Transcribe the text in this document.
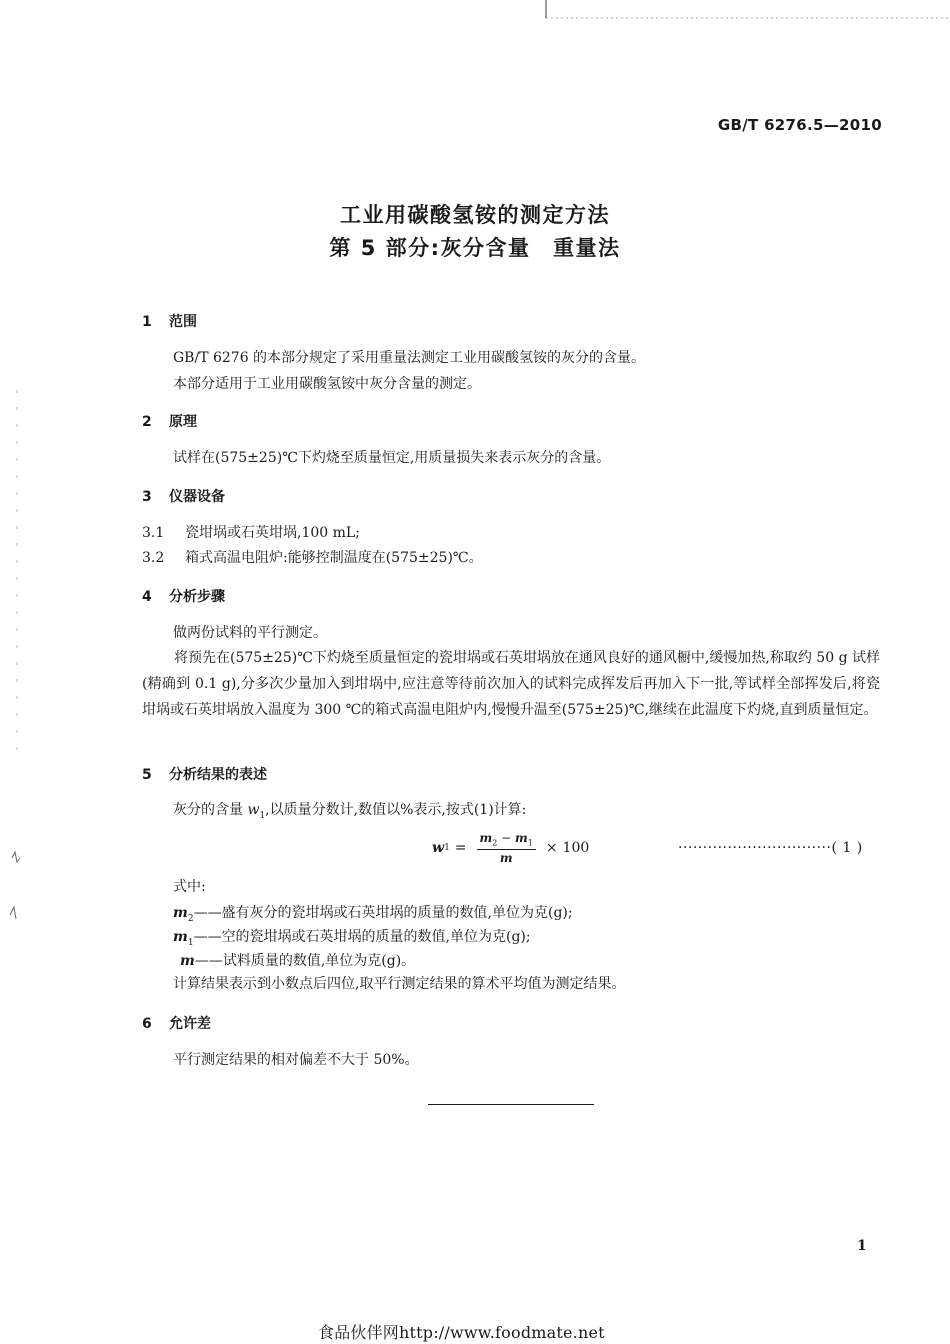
GB/T 6276.5—2010
工业用碳酸氢铵的测定方法
第 5 部分:灰分含量　重量法
1 范围
GB/T 6276 的本部分规定了采用重量法测定工业用碳酸氢铵的灰分的含量。
本部分适用于工业用碳酸氢铵中灰分含量的测定。
2 原理
试样在(575±25)℃下灼烧至质量恒定,用质量损失来表示灰分的含量。
3 仪器设备
3.1 瓷坩埚或石英坩埚,100 mL;
3.2 箱式高温电阻炉:能够控制温度在(575±25)℃。
4 分析步骤
做两份试料的平行测定。
将预先在(575±25)℃下灼烧至质量恒定的瓷坩埚或石英坩埚放在通风良好的通风橱中,缓慢加热,称取约 50 g 试样(精确到 0.1 g),分多次少量加入到坩埚中,应注意等待前次加入的试料完成挥发后再加入下一批,等试样全部挥发后,将瓷坩埚或石英坩埚放入温度为 300 ℃的箱式高温电阻炉内,慢慢升温至(575±25)℃,继续在此温度下灼烧,直到质量恒定。
5 分析结果的表述
灰分的含量 $w_1$,以质量分数计,数值以%表示,按式(1)计算:
w $1 = \frac{m_2 - m_1}{m} \times 100$	·······························( 1 )
式中:
$m_2——$盛有灰分的瓷坩埚或石英坩埚的质量的数值,单位为克(g);
$m_1——$空的瓷坩埚或石英坩埚的质量的数值,单位为克(g);
m——试料质量的数值,单位为克(g)。
计算结果表示到小数点后四位,取平行测定结果的算术平均值为测定结果。
6 允许差
平行测定结果的相对偏差不大于 50%。
1
食品伙伴网http://www.foodmate.net
